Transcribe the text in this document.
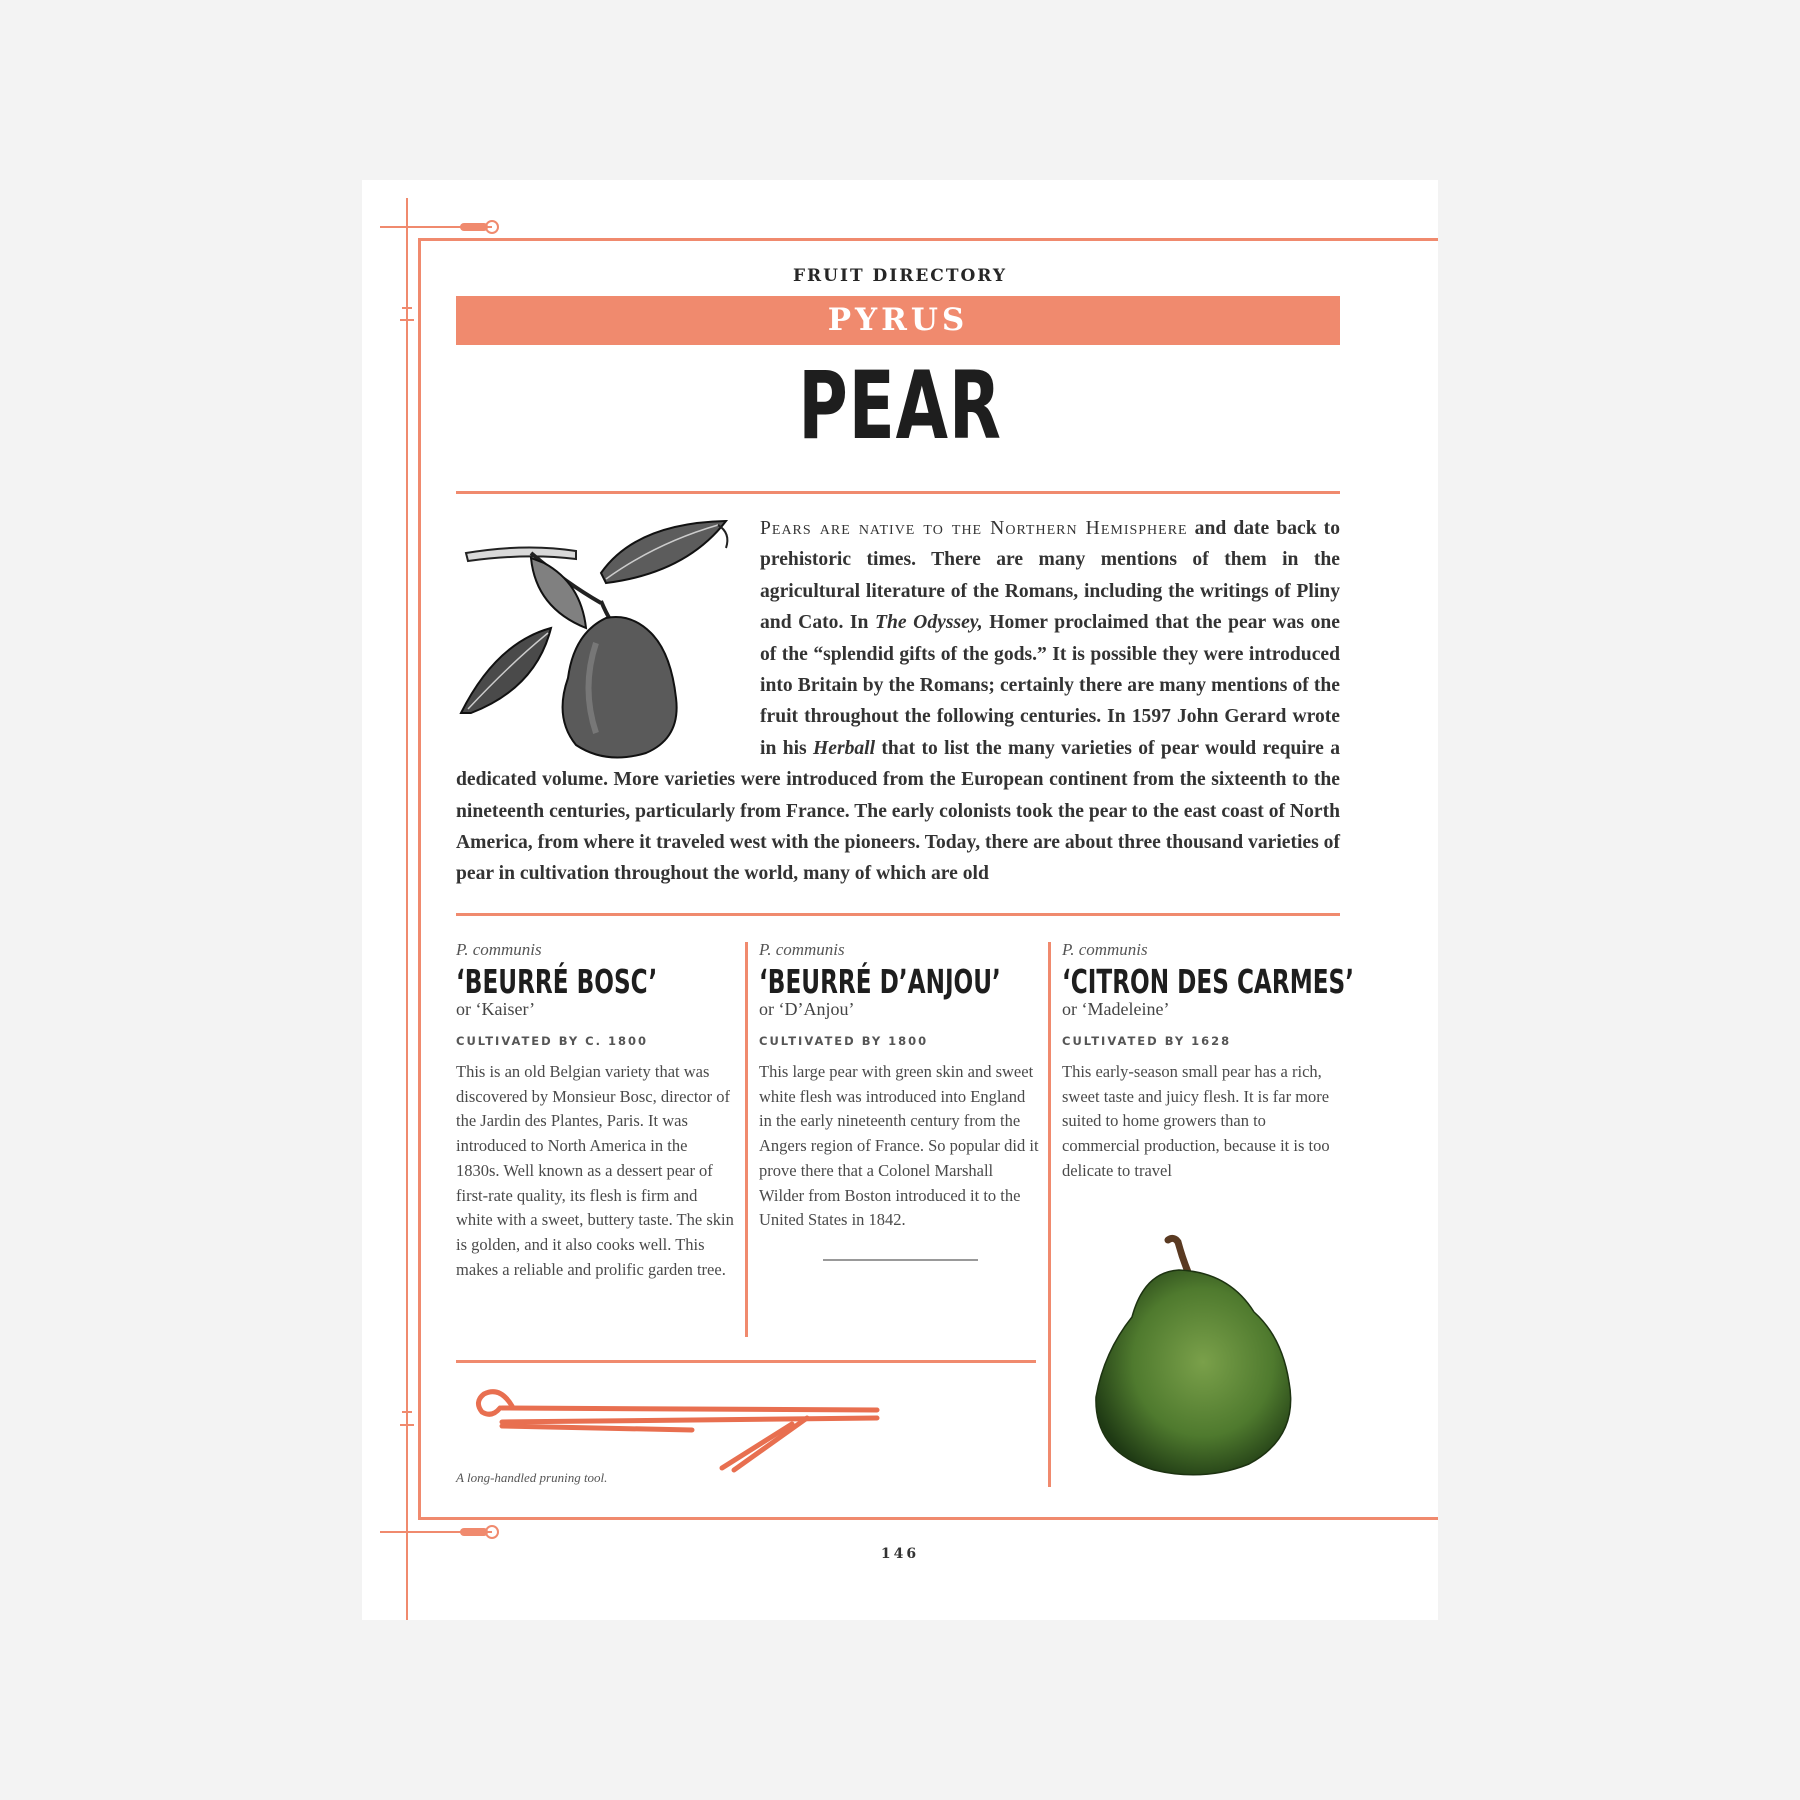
FRUIT DIRECTORY
PYRUS
PEAR
Pears are native to the Northern Hemisphere and date back to prehistoric times. There are many mentions of them in the agricultural literature of the Romans, including the writings of Pliny and Cato. In The Odyssey, Homer proclaimed that the pear was one of the “splendid gifts of the gods.” It is possible they were introduced into Britain by the Romans; certainly there are many mentions of the fruit throughout the following centuries. In 1597 John Gerard wrote in his Herball that to list the many varieties of pear would require a dedicated volume. More varieties were introduced from the European continent from the sixteenth to the nineteenth centuries, particularly from France. The early colonists took the pear to the east coast of North America, from where it traveled west with the pioneers. Today, there are about three thousand varieties of pear in cultivation throughout the world, many of which are old
P. communis
‘BEURRÉ BOSC’
or ‘Kaiser’
CULTIVATED BY C. 1800
This is an old Belgian variety that was discovered by Monsieur Bosc, director of the Jardin des Plantes, Paris. It was introduced to North America in the 1830s. Well known as a dessert pear of first-rate quality, its flesh is firm and white with a sweet, buttery taste. The skin is golden, and it also cooks well. This makes a reliable and prolific garden tree.
P. communis
‘BEURRÉ D’ANJOU’
or ‘D’Anjou’
CULTIVATED BY 1800
This large pear with green skin and sweet white flesh was introduced into England in the early nineteenth century from the Angers region of France. So popular did it prove there that a Colonel Marshall Wilder from Boston introduced it to the United States in 1842.
P. communis
‘CITRON DES CARMES’
or ‘Madeleine’
CULTIVATED BY 1628
This early-season small pear has a rich, sweet taste and juicy flesh. It is far more suited to home growers than to commercial production, because it is too delicate to travel
A long-handled pruning tool.
146
